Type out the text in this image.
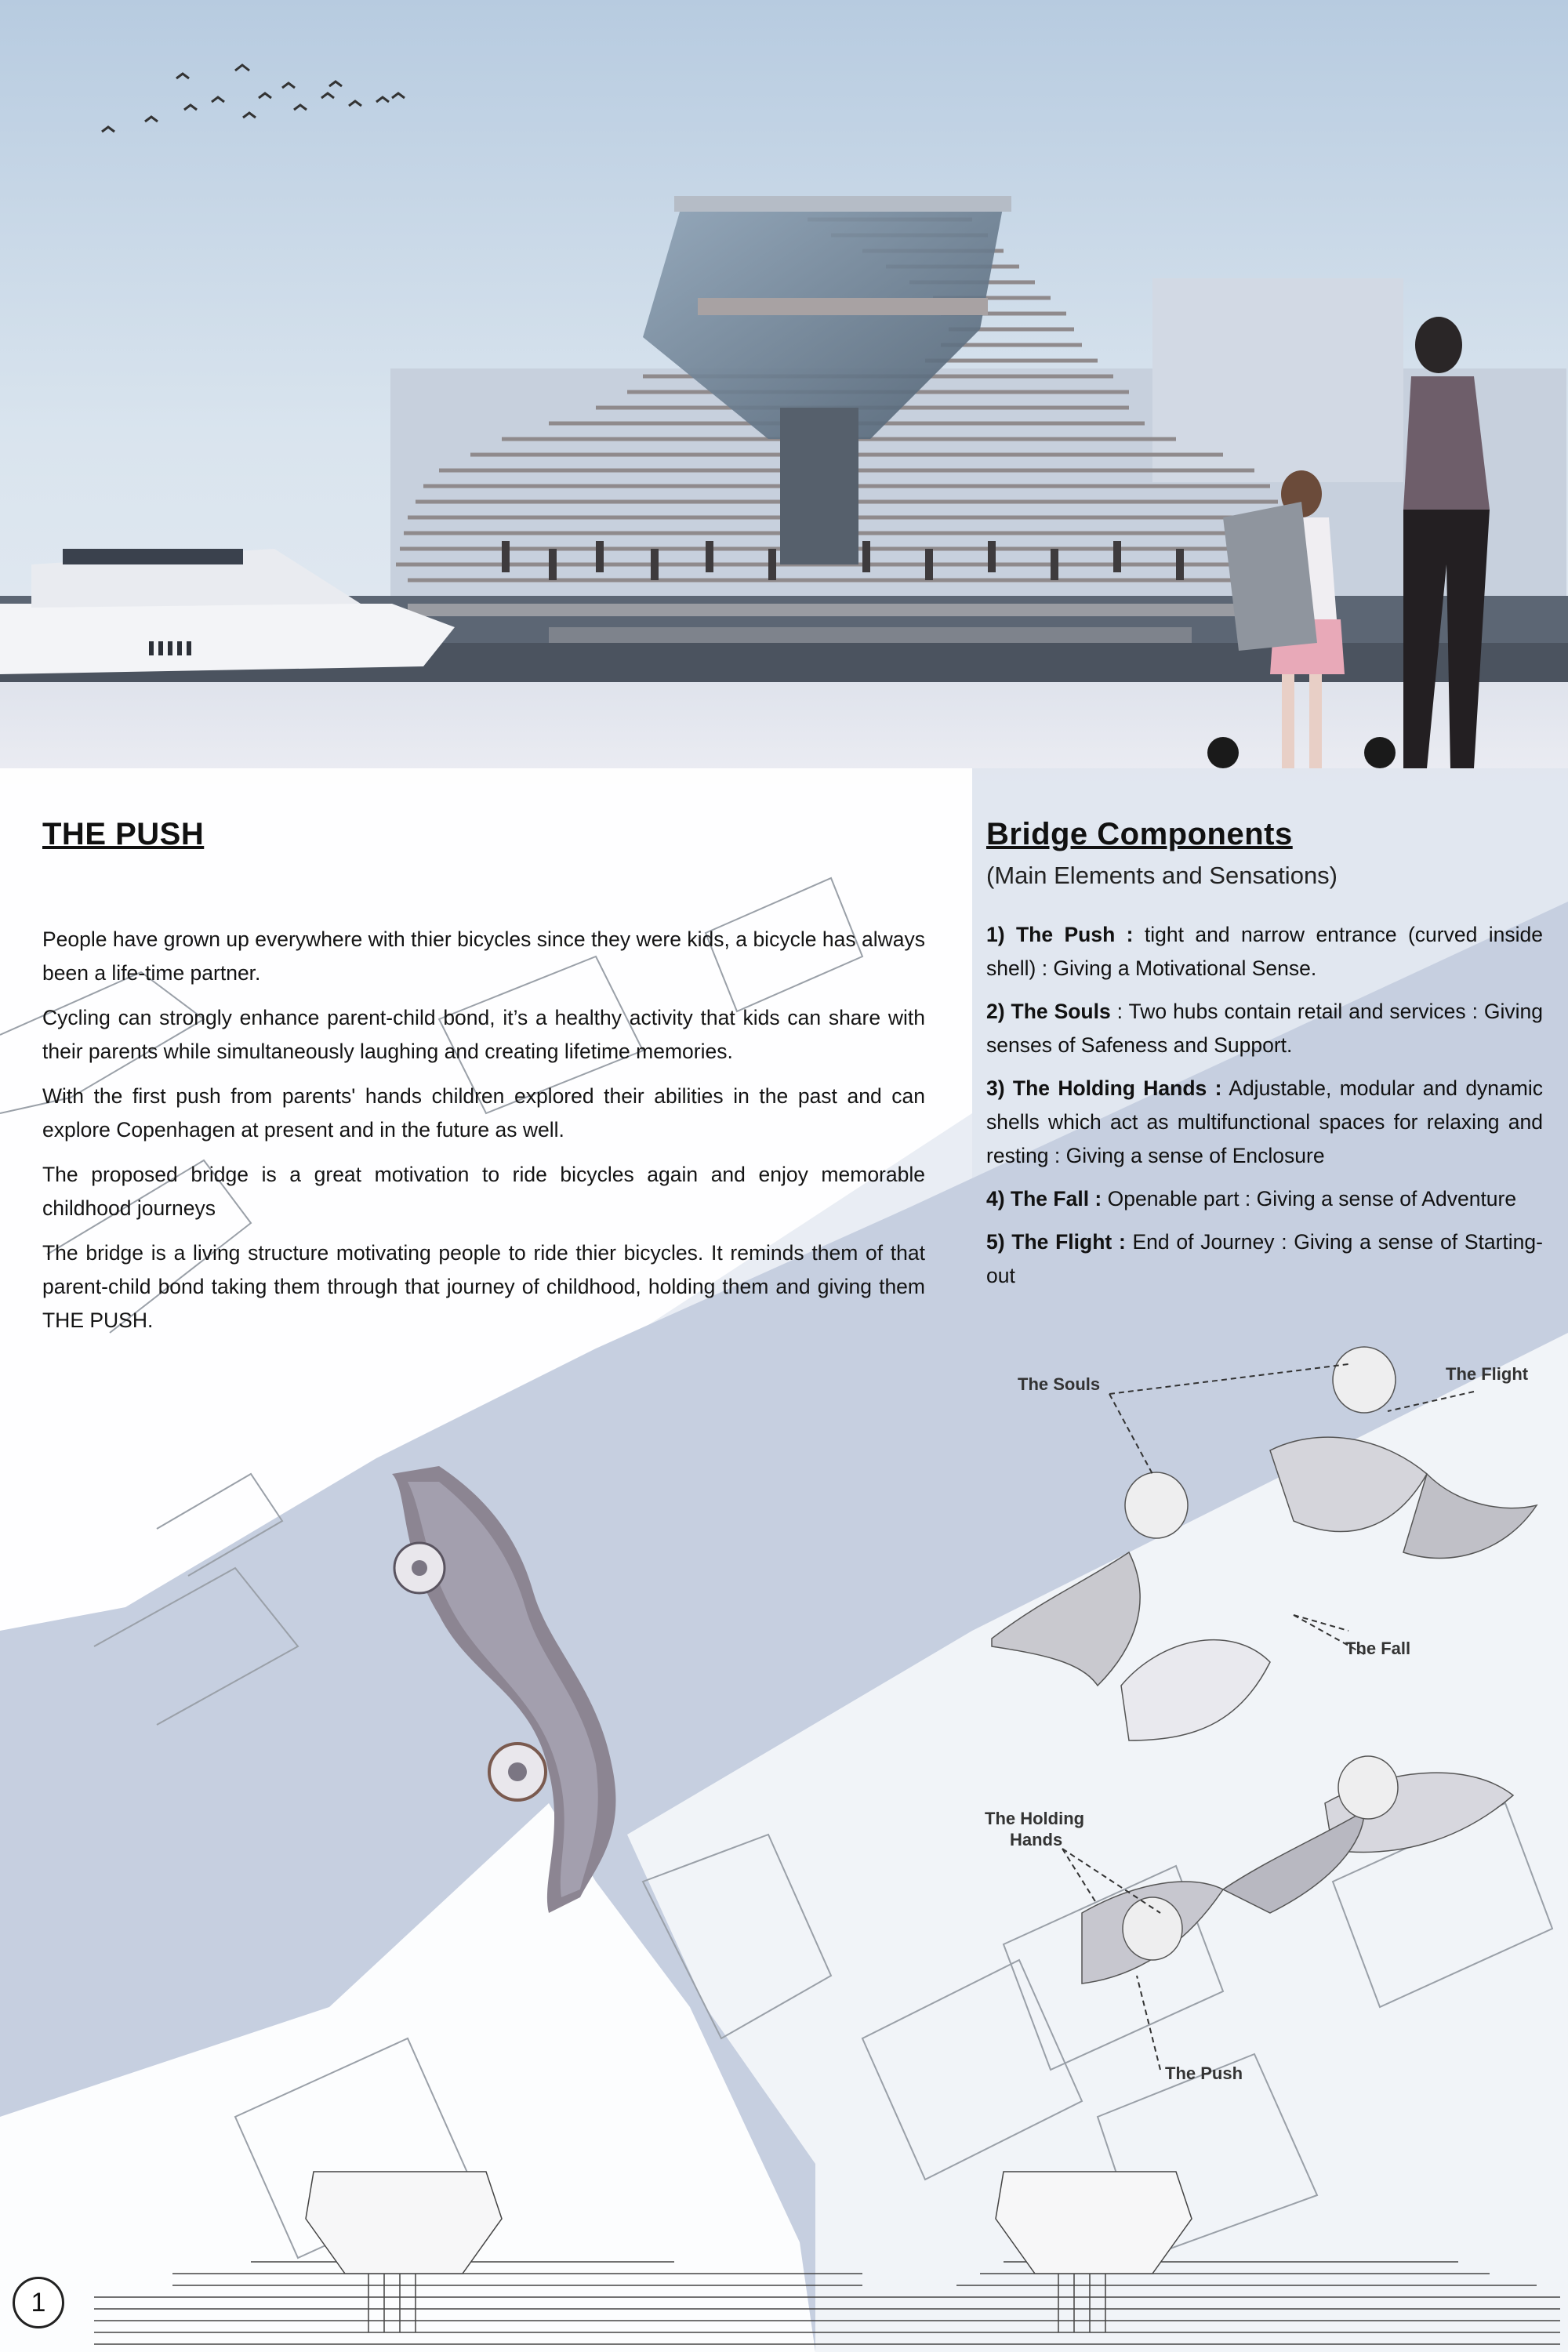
The Souls
The Flight
The Fall
The Holding
Hands
The Push
THE PUSH

People have grown up everywhere with thier bicycles since they were kids, a bicycle has always been a life-time partner.

Cycling can strongly enhance parent-child bond, it’s a healthy activity that kids can share with their parents while simultaneously laughing and creating lifetime memories.

With the first push from parents' hands children explored their abilities in the past and can explore Copenhagen at present and in the future as well.

The proposed bridge is a great motivation to ride bicycles again and enjoy memorable childhood journeys

The bridge is a living structure motivating people to ride thier bicycles. It reminds them of that parent-child bond taking them through that journey of childhood, holding them and giving them THE PUSH.

Bridge Components
(Main Elements and Sensations)

1) The Push : tight and narrow entrance (curved inside shell) : Giving a Motivational Sense.

2) The Souls : Two hubs contain retail and services : Giving senses of Safeness and Support.

3) The Holding Hands : Adjustable, modular and dynamic shells which act as multifunctional spaces for relaxing and resting : Giving a sense of Enclosure

4) The Fall : Openable part : Giving a sense of Adventure

5) The Flight : End of Journey : Giving a sense of Starting-out

1
